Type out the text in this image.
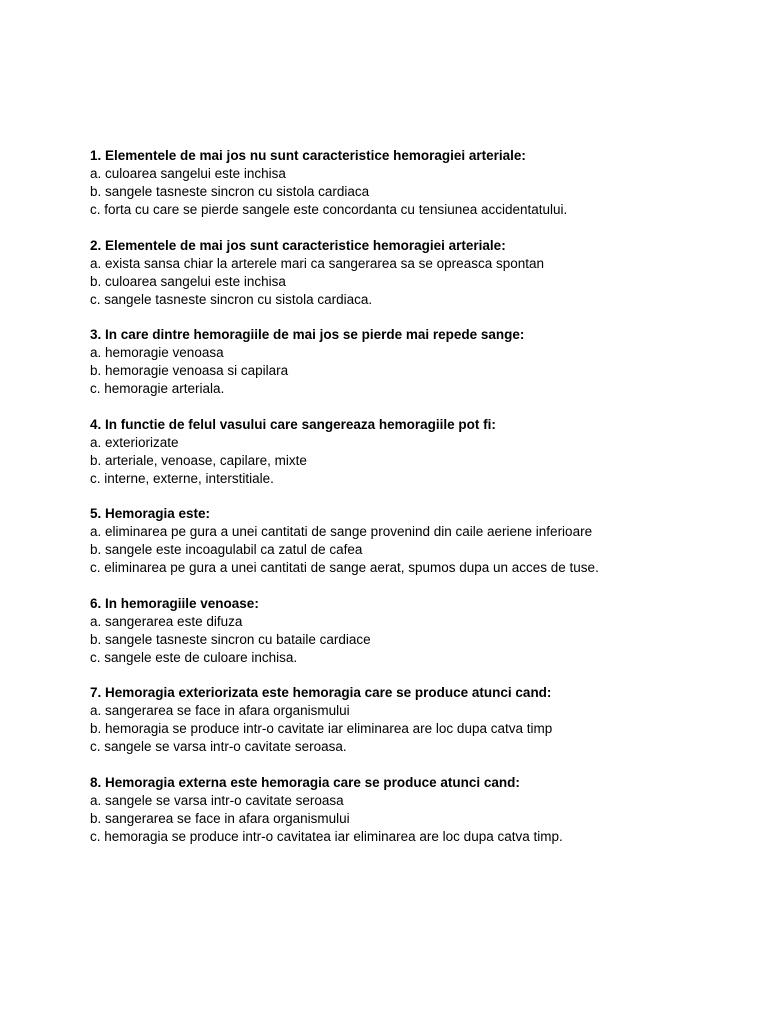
1. Elementele de mai jos nu sunt caracteristice hemoragiei arteriale:
a. culoarea sangelui este inchisa
b. sangele tasneste sincron cu sistola cardiaca
c. forta cu care se pierde sangele este concordanta cu tensiunea accidentatului.
2. Elementele de mai jos sunt caracteristice hemoragiei arteriale:
a. exista sansa chiar la arterele mari ca sangerarea sa se opreasca spontan
b. culoarea sangelui este inchisa
c. sangele tasneste sincron cu sistola cardiaca.
3. In care dintre hemoragiile de mai jos se pierde mai repede sange:
a. hemoragie venoasa
b. hemoragie venoasa si capilara
c. hemoragie arteriala.
4. In functie de felul vasului care sangereaza hemoragiile pot fi:
a. exteriorizate
b. arteriale, venoase, capilare, mixte
c. interne, externe, interstitiale.
5. Hemoragia este:
a. eliminarea pe gura a unei cantitati de sange provenind din caile aeriene inferioare
b. sangele este incoagulabil ca zatul de cafea
c. eliminarea pe gura a unei cantitati de sange aerat, spumos dupa un acces de tuse.
6. In hemoragiile venoase:
a. sangerarea este difuza
b. sangele tasneste sincron cu bataile cardiace
c. sangele este de culoare inchisa.
7. Hemoragia exteriorizata este hemoragia care se produce atunci cand:
a. sangerarea se face in afara organismului
b. hemoragia se produce intr-o cavitate iar eliminarea are loc dupa catva timp
c. sangele se varsa intr-o cavitate seroasa.
8. Hemoragia externa este hemoragia care se produce atunci cand:
a. sangele se varsa intr-o cavitate seroasa
b. sangerarea se face in afara organismului
c. hemoragia se produce intr-o cavitatea iar eliminarea are loc dupa catva timp.
